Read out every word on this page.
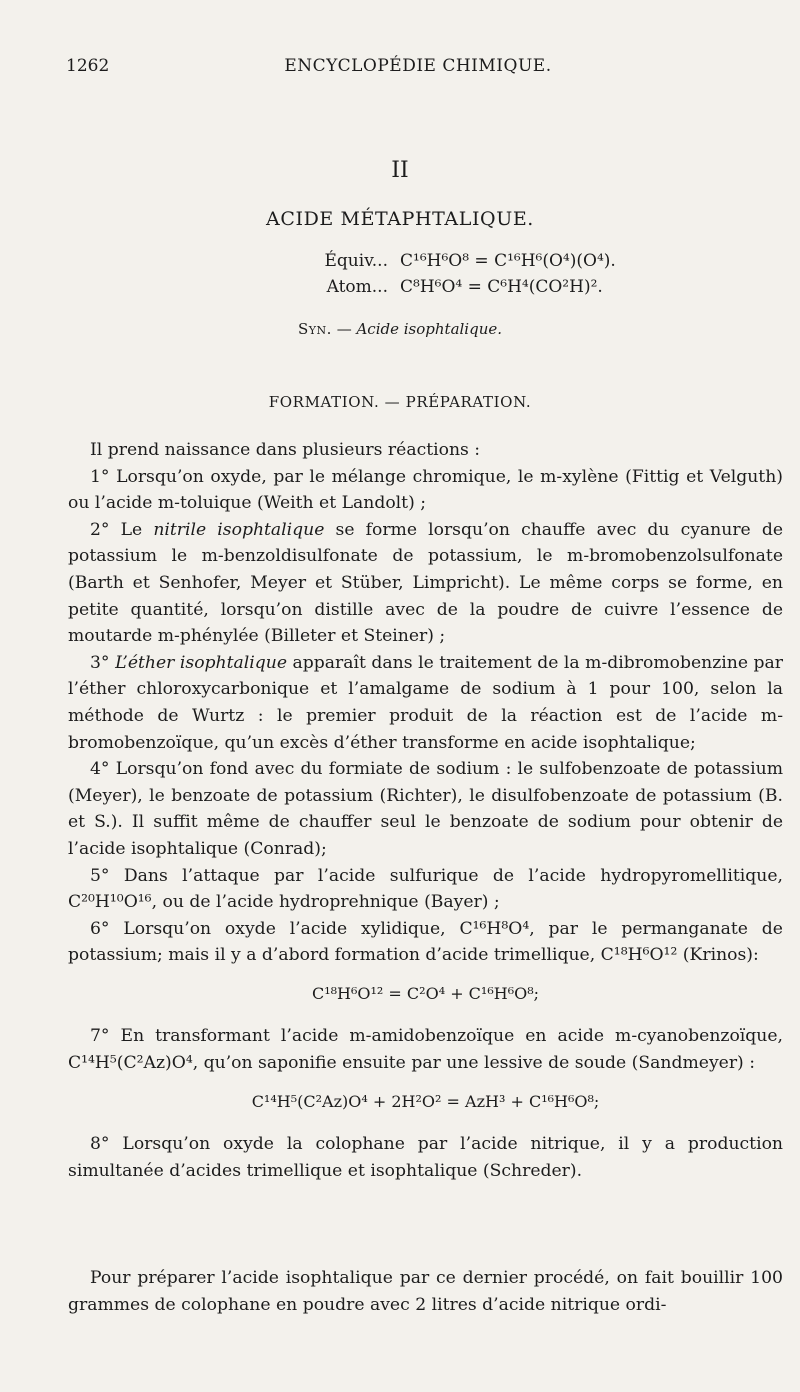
1262	ENCYCLOPÉDIE CHIMIQUE.
II
ACIDE MÉTAPHTALIQUE.
Équiv... C¹⁶H⁶O⁸ = C¹⁶H⁶(O⁴)(O⁴).
Atom... C⁸H⁶O⁴ = C⁶H⁴(CO²H)².
Syn. — Acide isophtalique.
FORMATION. — PRÉPARATION.

Il prend naissance dans plusieurs réactions :

1° Lorsqu’on oxyde, par le mélange chromique, le m-xylène (Fittig et Velguth) ou l’acide m-toluique (Weith et Landolt) ;

2° Le nitrile isophtalique se forme lorsqu’on chauffe avec du cyanure de potassium le m-benzoldisulfonate de potassium, le m-bromobenzolsulfonate (Barth et Senhofer, Meyer et Stüber, Limpricht). Le même corps se forme, en petite quantité, lorsqu’on distille avec de la poudre de cuivre l’essence de moutarde m-phénylée (Billeter et Steiner) ;

3° L’éther isophtalique apparaît dans le traitement de la m-dibromobenzine par l’éther chloroxycarbonique et l’amalgame de sodium à 1 pour 100, selon la méthode de Wurtz : le premier produit de la réaction est de l’acide m-bromobenzoïque, qu’un excès d’éther transforme en acide isophtalique;

4° Lorsqu’on fond avec du formiate de sodium : le sulfobenzoate de potassium (Meyer), le benzoate de potassium (Richter), le disulfobenzoate de potassium (B. et S.). Il suffit même de chauffer seul le benzoate de sodium pour obtenir de l’acide isophtalique (Conrad);

5° Dans l’attaque par l’acide sulfurique de l’acide hydropyromellitique, C²⁰H¹⁰O¹⁶, ou de l’acide hydroprehnique (Bayer) ;

6° Lorsqu’on oxyde l’acide xylidique, C¹⁶H⁸O⁴, par le permanganate de potassium; mais il y a d’abord formation d’acide trimellique, C¹⁸H⁶O¹² (Krinos):

C¹⁸H⁶O¹² = C²O⁴ + C¹⁶H⁶O⁸;

7° En transformant l’acide m-amidobenzoïque en acide m-cyanobenzoïque, C¹⁴H⁵(C²Az)O⁴, qu’on saponifie ensuite par une lessive de soude (Sandmeyer) :

C¹⁴H⁵(C²Az)O⁴ + 2H²O² = AzH³ + C¹⁶H⁶O⁸;

8° Lorsqu’on oxyde la colophane par l’acide nitrique, il y a production simultanée d’acides trimellique et isophtalique (Schreder).

Pour préparer l’acide isophtalique par ce dernier procédé, on fait bouillir 100 grammes de colophane en poudre avec 2 litres d’acide nitrique ordi-
